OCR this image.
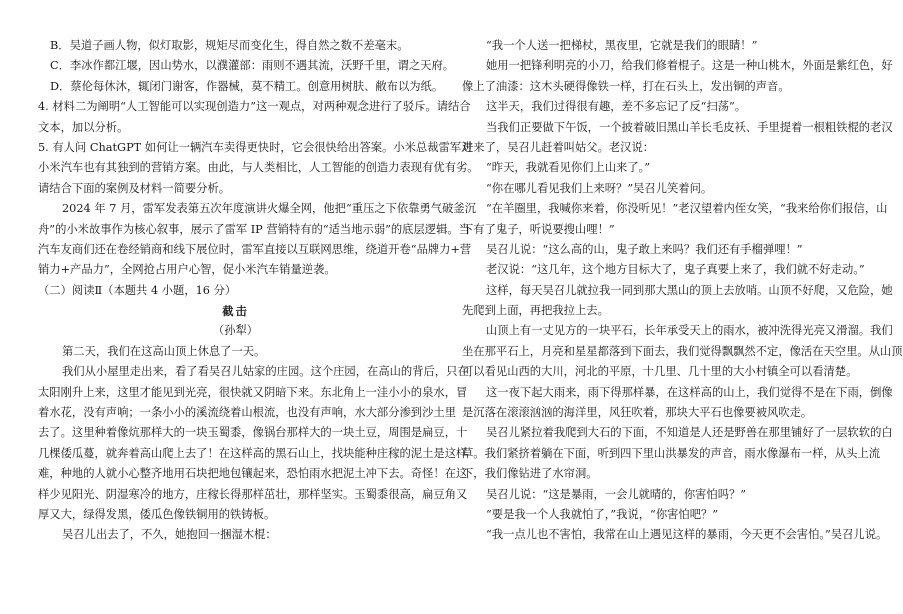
B．吴道子画人物，似灯取影，规矩尽而变化生，得自然之数不差毫末。
C．李冰作都江堰，因山势水，以濮灌部：雨则不遇其流，沃野千里，谓之天府。
D．蔡伦每休沐，辄闭门谢客，作器械，莫不精工。创意用树肤、敝布以为纸。
4. 材料二为阐明“人工智能可以实现创造力”这一观点，对两种观念进行了驳斥。请结合
文本，加以分析。
5. 有人问 ChatGPT 如何让一辆汽车卖得更快时，它会很快给出答案。小米总裁雷军对
小米汽车也有其独到的营销方案。由此，与人类相比，人工智能的创造力表现有优有劣。
请结合下面的案例及材料一简要分析。
2024 年 7 月，雷军发表第五次年度演讲火爆全网，他把“重压之下依靠勇气破釜沉
舟”的小米故事作为核心叙事，展示了雷军 IP 营销特有的“适当地示弱”的底层逻辑。当
汽车友商们还在卷经销商和线下展位时，雷军直接以互联网思维，绕道开卷“品牌力+营
销力+产品力”，全网抢占用户心智，促小米汽车销量逆袭。
（二）阅读Ⅱ（本题共 4 小题，16 分）
截击
（孙犁）
第二天，我们在这高山顶上休息了一天。
我们从小屋里走出来，看了看吴召儿姑家的庄园。这个庄园，在高山的背后，只在
太阳刚升上来，这里才能见到光亮，很快就又阴暗下来。东北角上一洼小小的泉水，冒
着水花，没有声响；一条小小的溪流绕着山根流，也没有声响，水大部分渗到沙土里
去了。这里种着像炕那样大的一块玉蜀黍，像锅台那样大的一块土豆，周围是扁豆，十
几棵倭瓜蔓，就奔着高山爬上去了！在这样高的黑石山上，找块能种庄稼的泥土是这样
难，种地的人就小心整齐地用石块把地包镶起来，恐怕雨水把泥土冲下去。奇怪！在这
样少见阳光、阴湿寒冷的地方，庄稼长得那样茁壮，那样坚实。玉蜀黍很高，扁豆角又
厚又大，绿得发黑，倭瓜色像铁铜用的铁铸板。
吴召儿出去了，不久，她抱回一捆湿木棍：
“我一个人送一把梯杖，黑夜里，它就是我们的眼睛！”
她用一把锋利明亮的小刀，给我们修着棍子。这是一种山桃木，外面是紫红色，好
像上了油漆：这木头硬得像铁一样，打在石头上，发出铜的声音。
这半天，我们过得很有趣，差不多忘记了反“扫荡”。
当我们正要做下午饭，一个披着破旧黑山羊长毛皮袄、手里提着一根粗铁棍的老汉
进来了，吴召儿赶着叫姑父。老汉说：
“昨天，我就看见你们上山来了。”
“你在哪儿看见我们上来呀？”吴召儿笑着问。
“在羊圈里，我喊你来着，你没听见！”老汉望着内侄女笑，“我来给你们报信，山
下有了鬼子，听说要搜山哩！”
吴召儿说：“这么高的山，鬼子敢上来吗？我们还有手榴弹哩！”
老汉说：“这几年，这个地方目标大了，鬼子真要上来了，我们就不好走动。”
这样，每天吴召儿就拉我一同到那大黑山的顶上去放哨。山顶不好爬，又危险，她
先爬到上面，再把我拉上去。
山顶上有一丈见方的一块平石，长年承受天上的雨水，被冲洗得光亮又滑溜。我们
坐在那平石上，月亮和星星都落到下面去，我们觉得飘飘然不定，像活在天空里。从山顶
可以看见山西的大川，河北的平原，十几里、几十里的大小村镇全可以看清楚。
这一夜下起大雨来，雨下得那样暴，在这样高的山上，我们觉得不是在下雨，倒像
是沉落在滚滚汹汹的海洋里，风狂吹着，那块大平石也像要被风吹走。
吴召儿紧拉着我爬到大石的下面，不知道是人还是野兽在那里铺好了一层软软的白
草。我们紧挤着躺在下面，听到四下里山洪暴发的声音，雨水像瀑布一样，从头上流
下，我们像钻进了水帘洞。
吴召儿说：“这是暴雨，一会儿就晴的，你害怕吗？”
“要是我一个人我就怕了，”我说，“你害怕吧？”
“我一点儿也不害怕，我常在山上遇见这样的暴雨，今天更不会害怕。”吴召儿说。
